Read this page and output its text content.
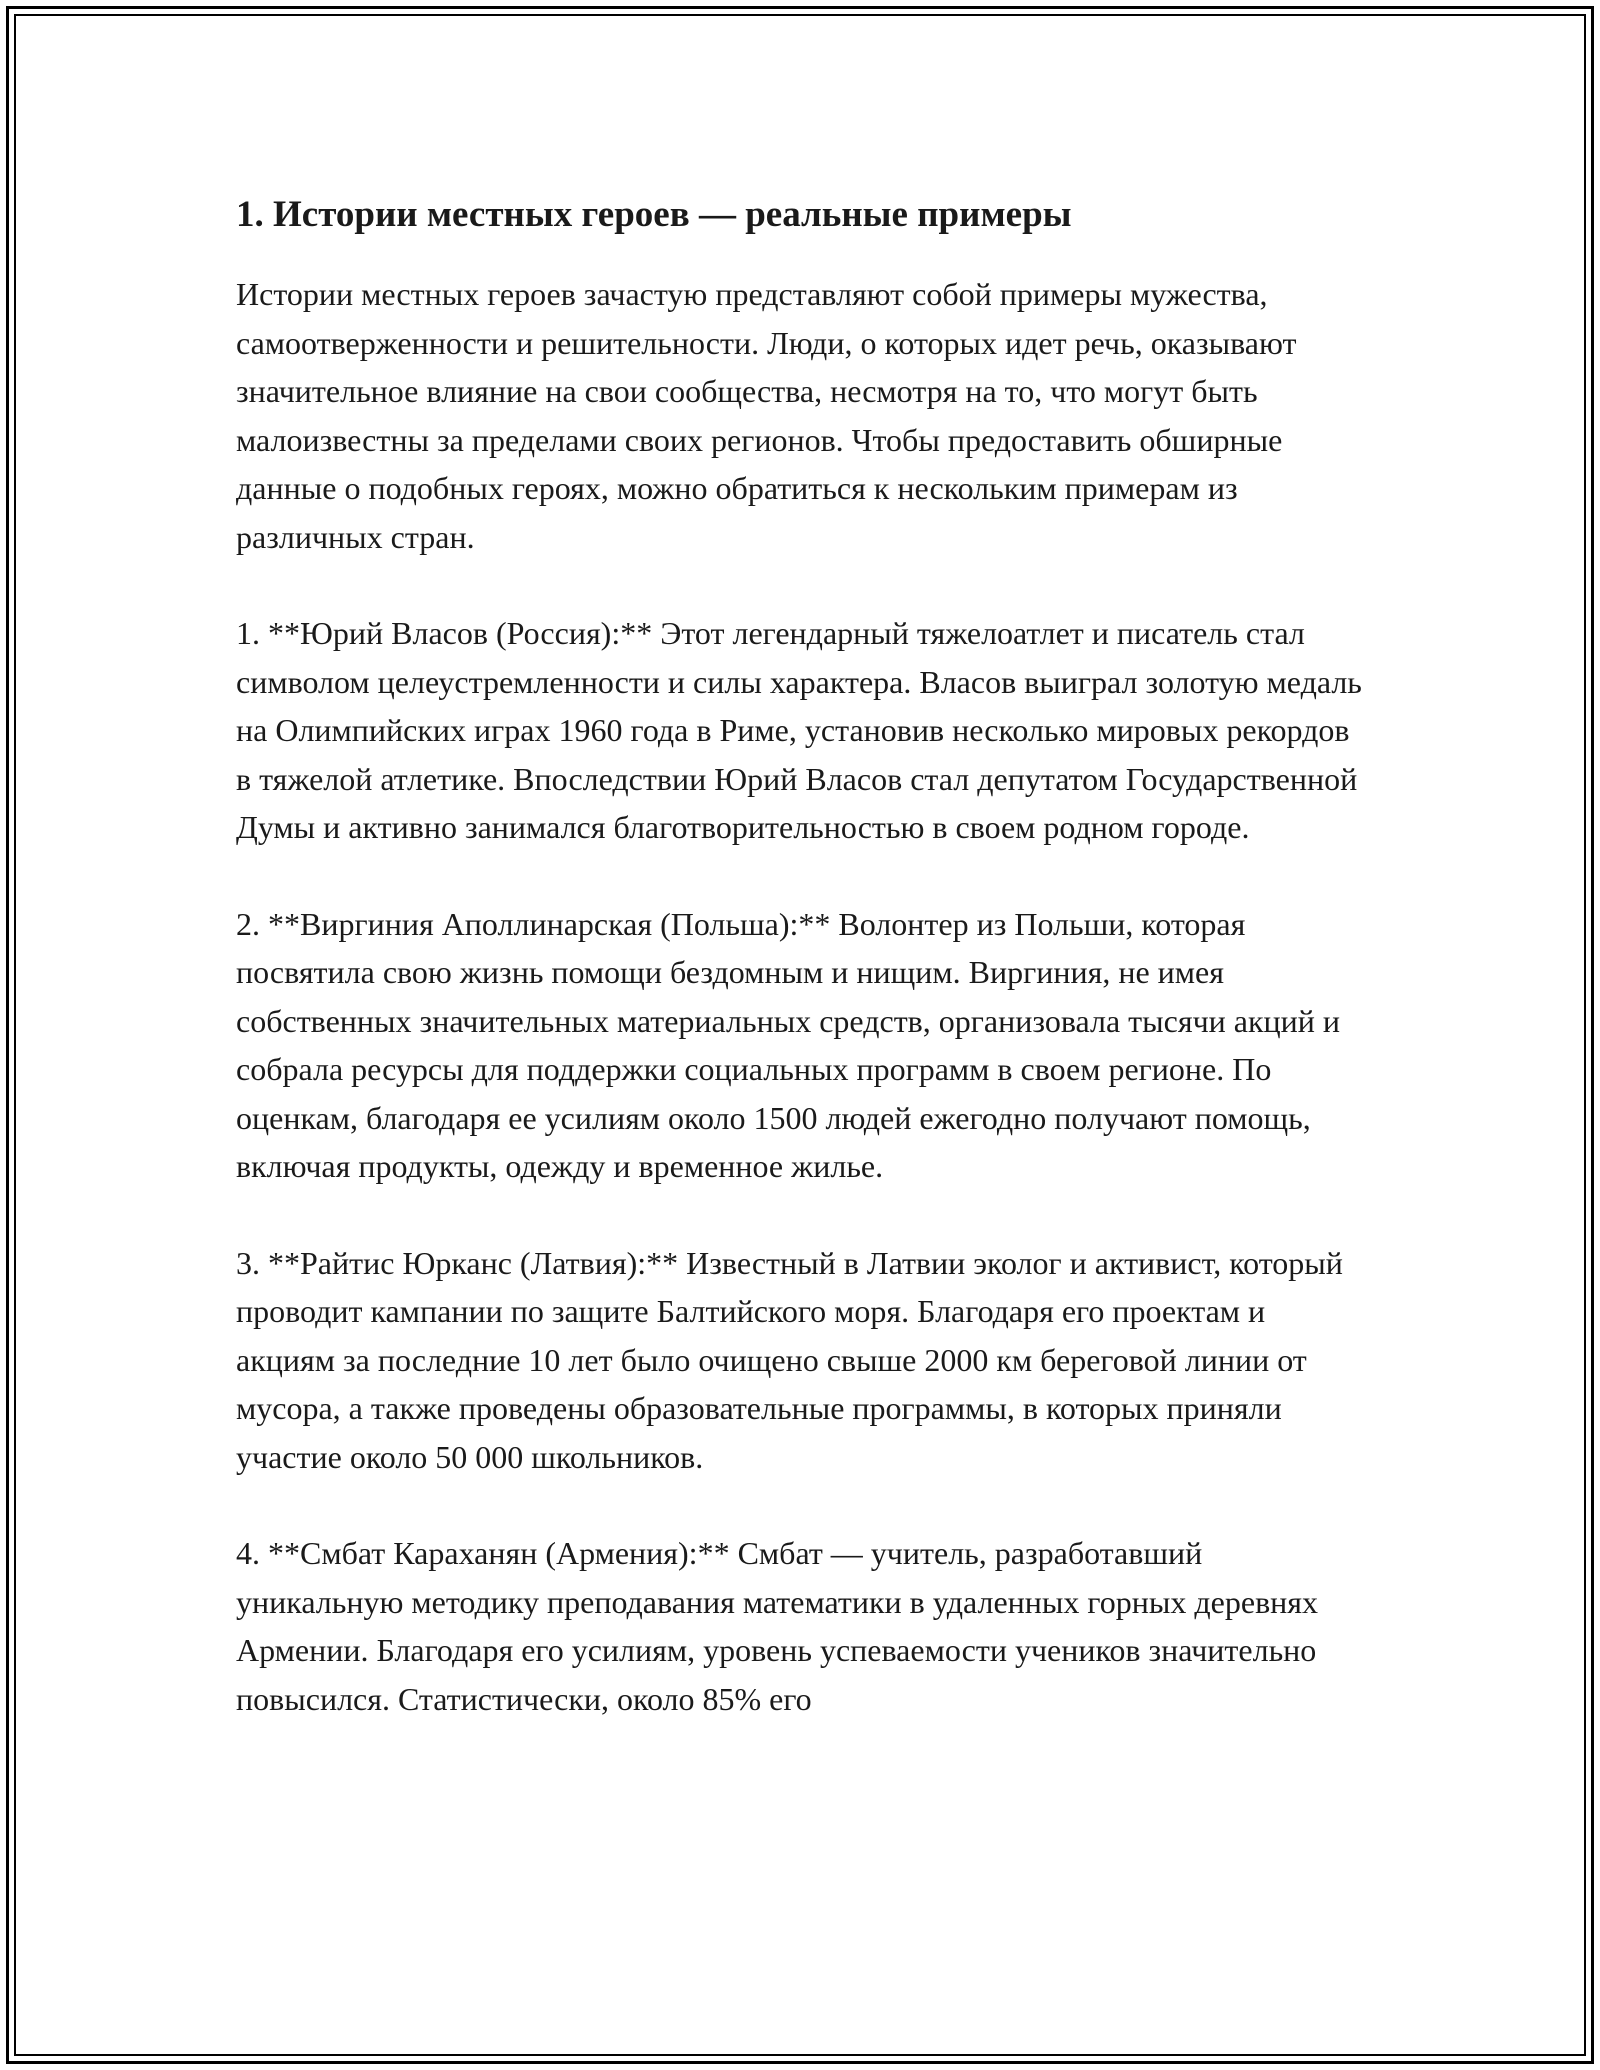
1. Истории местных героев — реальные примеры

Истории местных героев зачастую представляют собой примеры мужества, самоотверженности и решительности. Люди, о которых идет речь, оказывают значительное влияние на свои сообщества, несмотря на то, что могут быть малоизвестны за пределами своих регионов. Чтобы предоставить обширные данные о подобных героях, можно обратиться к нескольким примерам из различных стран.

1. **Юрий Власов (Россия):** Этот легендарный тяжелоатлет и писатель стал символом целеустремленности и силы характера. Власов выиграл золотую медаль на Олимпийских играх 1960 года в Риме, установив несколько мировых рекордов в тяжелой атлетике. Впоследствии Юрий Власов стал депутатом Государственной Думы и активно занимался благотворительностью в своем родном городе.

2. **Виргиния Аполлинарская (Польша):** Волонтер из Польши, которая посвятила свою жизнь помощи бездомным и нищим. Виргиния, не имея собственных значительных материальных средств, организовала тысячи акций и собрала ресурсы для поддержки социальных программ в своем регионе. По оценкам, благодаря ее усилиям около 1500 людей ежегодно получают помощь, включая продукты, одежду и временное жилье.

3. **Райтис Юрканс (Латвия):** Известный в Латвии эколог и активист, который проводит кампании по защите Балтийского моря. Благодаря его проектам и акциям за последние 10 лет было очищено свыше 2000 км береговой линии от мусора, а также проведены образовательные программы, в которых приняли участие около 50 000 школьников.

4. **Смбат Караханян (Армения):** Смбат — учитель, разработавший уникальную методику преподавания математики в удаленных горных деревнях Армении. Благодаря его усилиям, уровень успеваемости учеников значительно повысился. Статистически, около 85% его
